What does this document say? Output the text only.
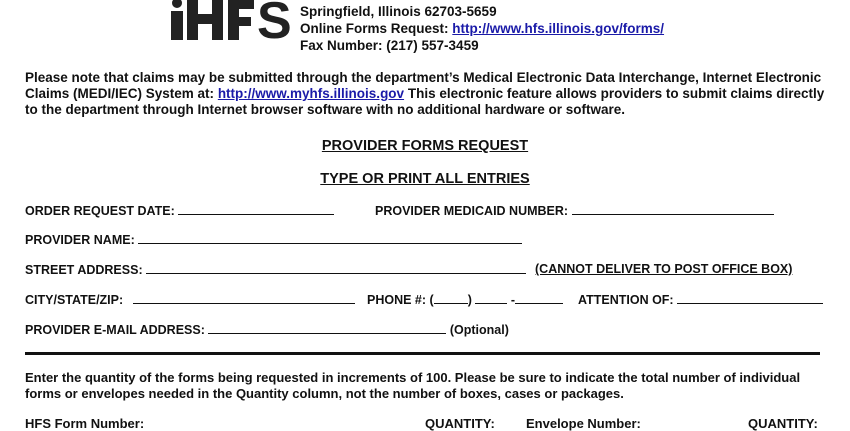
S Springfield, Illinois 62703-5659
Online Forms Request: http://www.hfs.illinois.gov/forms/
Fax Number: (217) 557-3459
Please note that claims may be submitted through the department’s Medical Electronic Data Interchange, Internet Electronic Claims (MEDI/IEC) System at: http://www.myhfs.illinois.gov This electronic feature allows providers to submit claims directly to the department through Internet browser software with no additional hardware or software.
PROVIDER FORMS REQUEST
TYPE OR PRINT ALL ENTRIES
ORDER REQUEST DATE:	PROVIDER MEDICAID NUMBER:
PROVIDER NAME:
STREET ADDRESS:	(CANNOT DELIVER TO POST OFFICE BOX)
CITY/STATE/ZIP:	PHONE #: (	)	-	ATTENTION OF:
PROVIDER E-MAIL ADDRESS:	(Optional)
Enter the quantity of the forms being requested in increments of 100. Please be sure to indicate the total number of individual forms or envelopes needed in the Quantity column, not the number of boxes, cases or packages.
HFS Form Number:	QUANTITY: Envelope Number:	QUANTITY:
